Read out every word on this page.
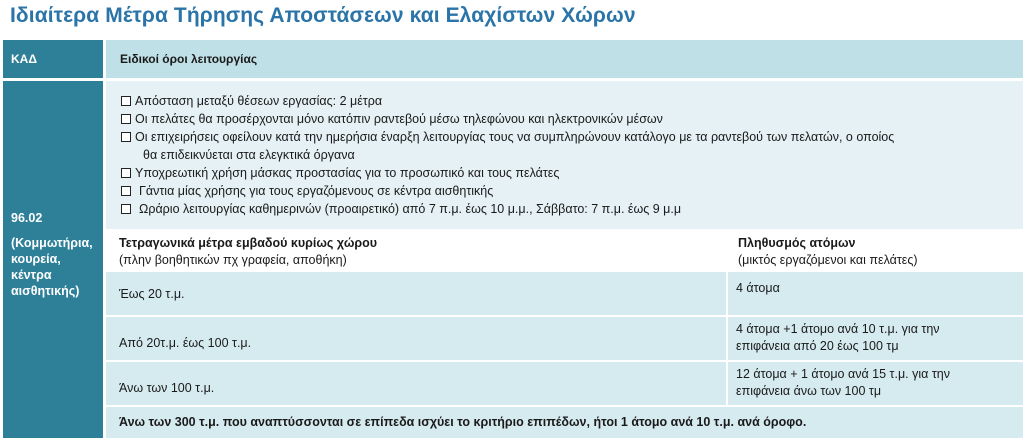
Ιδιαίτερα Μέτρα Τήρησης Αποστάσεων και Ελαχίστων Χώρων
ΚΑΔ	Ειδικοί όροι λειτουργίας
96.02
(Κομμωτήρια, κουρεία, κέντρα αισθητικής)
Απόσταση μεταξύ θέσεων εργασίας: 2 μέτρα
Οι πελάτες θα προσέρχονται μόνο κατόπιν ραντεβού μέσω τηλεφώνου και ηλεκτρονικών μέσων
Οι επιχειρήσεις οφείλουν κατά την ημερήσια έναρξη λειτουργίας τους να συμπληρώνουν κατάλογο με τα ραντεβού των πελατών, ο οποίος
θα επιδεικνύεται στα ελεγκτικά όργανα
Υποχρεωτική χρήση μάσκας προστασίας για το προσωπικό και τους πελάτες
Γάντια μίας χρήσης για τους εργαζόμενους σε κέντρα αισθητικής
Ωράριο λειτουργίας καθημερινών (προαιρετικό) από 7 π.μ. έως 10 μ.μ., Σάββατο: 7 π.μ. έως 9 μ.μ
Τετραγωνικά μέτρα εμβαδού κυρίως χώρου
(πλην βοηθητικών πχ γραφεία, αποθήκη)
Πληθυσμός ατόμων
(μικτός εργαζόμενοι και πελάτες)
Έως 20 τ.μ.	4 άτομα
Από 20τ.μ. έως 100 τ.μ.
4 άτομα +1 άτομο ανά 10 τ.μ. για την
επιφάνεια από 20 έως 100 τμ
Άνω των 100 τ.μ.
12 άτομα + 1 άτομο ανά 15 τ.μ. για την
επιφάνεια άνω των 100 τμ
Άνω των 300 τ.μ. που αναπτύσσονται σε επίπεδα ισχύει το κριτήριο επιπέδων, ήτοι 1 άτομο ανά 10 τ.μ. ανά όροφο.
